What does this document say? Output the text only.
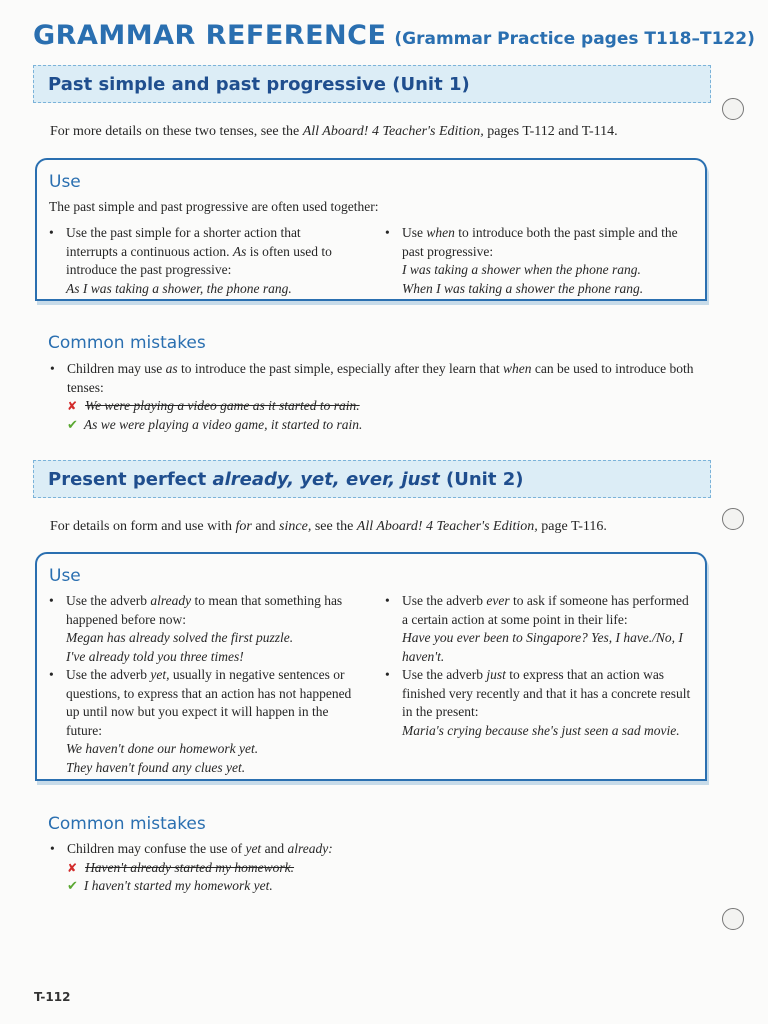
GRAMMAR REFERENCE (Grammar Practice pages T118–T122)
Past simple and past progressive (Unit 1)
For more details on these two tenses, see the All Aboard! 4 Teacher's Edition, pages T-112 and T-114.
Use
The past simple and past progressive are often used together:
• Use the past simple for a shorter action that interrupts a continuous action. As is often used to introduce the past progressive:
As I was taking a shower, the phone rang.
• Use when to introduce both the past simple and the past progressive:
I was taking a shower when the phone rang.
When I was taking a shower the phone rang.
Common mistakes
• Children may use as to introduce the past simple, especially after they learn that when can be used to introduce both tenses:
✘ We were playing a video game as it started to rain.
✔ As we were playing a video game, it started to rain.
Present perfect already, yet, ever, just (Unit 2)
For details on form and use with for and since, see the All Aboard! 4 Teacher's Edition, page T-116.
Use
• Use the adverb already to mean that something has happened before now:
Megan has already solved the first puzzle.
I've already told you three times!
• Use the adverb yet, usually in negative sentences or questions, to express that an action has not happened up until now but you expect it will happen in the future:
We haven't done our homework yet.
They haven't found any clues yet.
• Use the adverb ever to ask if someone has performed a certain action at some point in their life:
Have you ever been to Singapore? Yes, I have./No, I haven't.
• Use the adverb just to express that an action was finished very recently and that it has a concrete result in the present:
Maria's crying because she's just seen a sad movie.
Common mistakes
• Children may confuse the use of yet and already:
✘ Haven't already started my homework.
✔ I haven't started my homework yet.
T-112
